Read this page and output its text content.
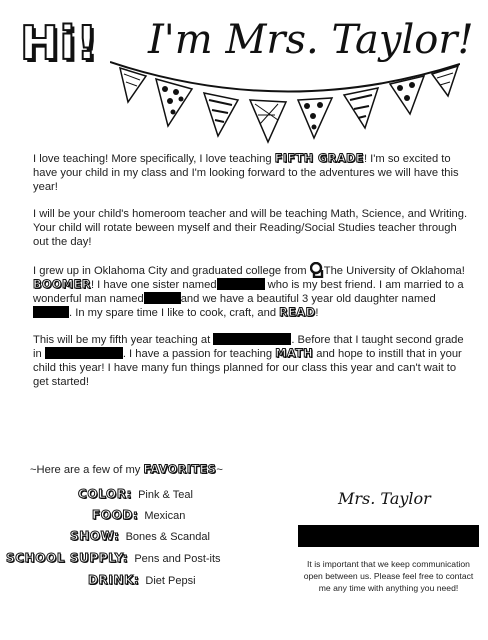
Hi! I'm Mrs. Taylor!

I love teaching! More specifically, I love teaching FIFTH GRADE! I'm so excited to have your child in my class and I'm looking forward to the adventures we will have this year!

I will be your child's homeroom teacher and will be teaching Math, Science, and Writing. Your child will rotate beween myself and their Reading/Social Studies teacher through out the day!

I grew up in Oklahoma City and graduated college from The University of Oklahoma! BOOMER! I have one sister named	who is my best friend. I am married to a wonderful man named	and we have a beautiful 3 year old daughter named . In my spare time I like to cook, craft, and READ!

This will be my fifth year teaching at	. Before that I taught second grade in	. I have a passion for teaching MATH and hope to instill that in your child this year! I have many fun things planned for our class this year and can't wait to get started!

~Here are a few of my FAVORITES~
COLOR: Pink & Teal
FOOD: Mexican
SHOW: Bones & Scandal
SCHOOL SUPPLY: Pens and Post-its
DRINK: Diet Pepsi
Mrs. Taylor
It is important that we keep communication open between us. Please feel free to contact me any time with anything you need!
